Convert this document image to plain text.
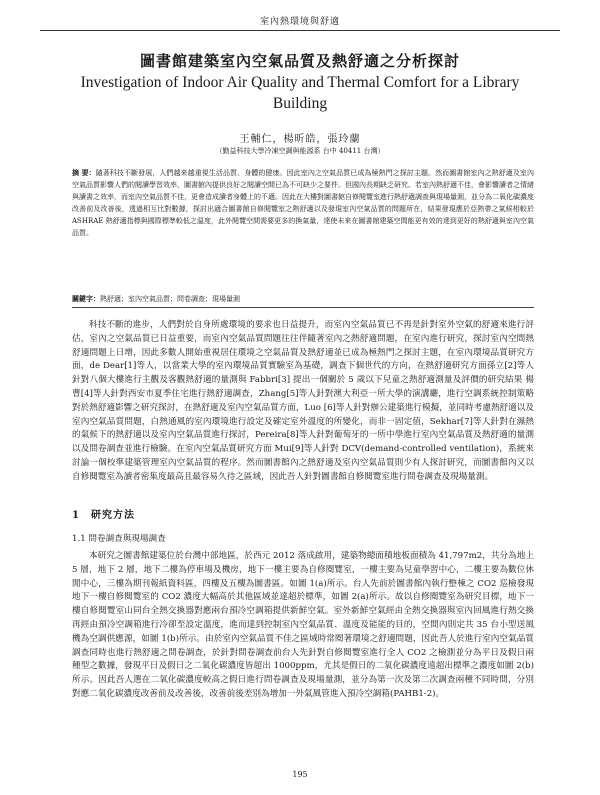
室內熱環境與舒適
圖書館建築室內空氣品質及熱舒適之分析探討
Investigation of Indoor Air Quality and Thermal Comfort for a Library Building
王輔仁，楊昕皓，張玲蘭
（勤益科技大學冷凍空調與能源系 台中 40411 台灣）
摘 要：隨著科技不斷發展，人們越來越重視生活品質、身體的健康。因此室內之空氣品質已成為極熱門之探討主題。然而圖書館室內之熱舒適及室內空氣品質影響人們的閱讀學習效率，圖書館內提供良好之閱讀空間已為不可缺少之要件。但國內長期缺乏研究。若室內熱舒適不佳，會影響讀者之情緒與讀書之效率，而室內空氣品質不佳，更會造成讀者身體上的不適。因此在大樓對圖書館自修閱覽室進行熱舒適調查與現場量測，並分為二氧化碳濃度改善前及改善後，透過相互比對數據，探討出適合圖書館自修閱覽室之熱舒適以及發現室內空氣品質的問題所在，結果發現應於亞熱帶之氣候相較於 ASHRAE 熱舒適指標與國際標準較低之溫度，此外閱覽空間需要更多的換氣量，達使未來在圖書館建築空間能更有效的達到更好的熱舒適與室內空氣品質。
關鍵字：熱舒適；室內空氣品質；問卷調查；現場量測
科技不斷的進步，人們對於自身所處環境的要求也日益提升，而室內空氣品質已不再是針對室外空氣的舒適來進行評估，室內之空氣品質已日益重要，而室內空氣品質問題往往伴隨著室內之熱舒適問題，在室內進行研究，探討室內空間熱舒適問題上日增，因此多數人開始重視居住環境之空氣品質及熱舒適並已成為極熱門之探討主題，在室內環境品質研究方面，de Dear[1]等人，以當業大學的室內環境品質實驗室為基礎，調查下個世代的方向，在熱舒適研究方面孫立[2]等人針對八個大樓進行主觀及客觀熱舒適的量測與 Fabbri[3] 提出一個關於 5 歲以下兒童之熱舒適測量及評價的研究結果 楊曹[4]等人針對西安市夏季住宅進行熱舒適調查，Zhang[5]等人針對澳大利亞一所大學的演講廳，進行空調系統控制策略對於熱舒適影響之研究探討，在熱舒適及室內空氣品質方面，Luo [6]等人針對辦公建築進行模擬，並同時考慮熱舒適以及室內空氣品質問題，白熱通風的室內環境進行設定及確定室外溫度的所變化，而非一固定值，Sekhar[7]等人針對在濕熱的氣候下的熱舒適以及室內空氣品質進行探討，Pereira[8]等人針對葡萄牙的一所中學進行室內空氣品質及熱舒適的量測以及問卷調查並進行檢驗。在室內空氣品質研究方面 Mui[9]等人針對 DCV(demand-controlled ventilation)，系統來討論一個校準建築管理室內空氣品質的程序。然而圖書館內之熱舒適及室內空氣品質則少有人探討研究，而圖書館內又以自修閱覽室為讀者密集度最高且最容易久待之區域，因此吾人針對圖書館自修閱覽室進行問卷調查及現場量測。
1　研究方法
1.1 問卷調查與現場調查
本研究之圖書館建築位於台灣中部地區，於西元 2012 落成啟用，建築物總面積地板面積為 41,797m2，共分為地上 5 層，地下 2 層，地下二樓為停車場及機房，地下一樓主要為自修閱覽室，一樓主要為兒童學習中心，二樓主要為數位休閒中心，三樓為期刊報紙資料區，四樓及五樓為圖書區。如圖 1(a)所示。台人先前於圖書館內執行整棟之 CO2 巡檢發現地下一樓自修閱覽室的 CO2 濃度大幅高於其他區域並達超於標準，如圖 2(a)所示。故以自修閱覽室為研究目標，地下一樓自修閱覽室山同台全熱交換器對應兩台預冷空調箱提供新鮮空氣。室外新鮮空氣經由全熱交換器與室內回風進行熱交換再經由預冷空調箱進行冷卻至設定溫度，進而達到控制室內空氣品質、溫度及能能的目的，空間內則定共 35 台小型送風機為空調供應源，如圖 1(b)所示。由於室內空氣品質不佳之區域時常閱著環境之舒適問題，因此吾人於進行室內空氣品質調查同時也進行熱舒適之問卷調查，於針對問卷調查前台人先針對自修閱覽室進行全人 CO2 之檢測並分為平日及假日兩種型之數據，發現平日及假日之二氧化碳濃度皆超出 1000ppm，尤其是假日的二氧化碳濃度遠超出標準之濃度如圖 2(b)所示。因此吾人選在二氧化碳濃度較高之假日進行問卷調查及現場量測，並分為第一次及第二次調查兩種不同時間，分別對應二氧化碳濃度改善前及改善後，改善前後差別為增加一外氣風管進入預冷空調箱(PAHB1-2)。
195
